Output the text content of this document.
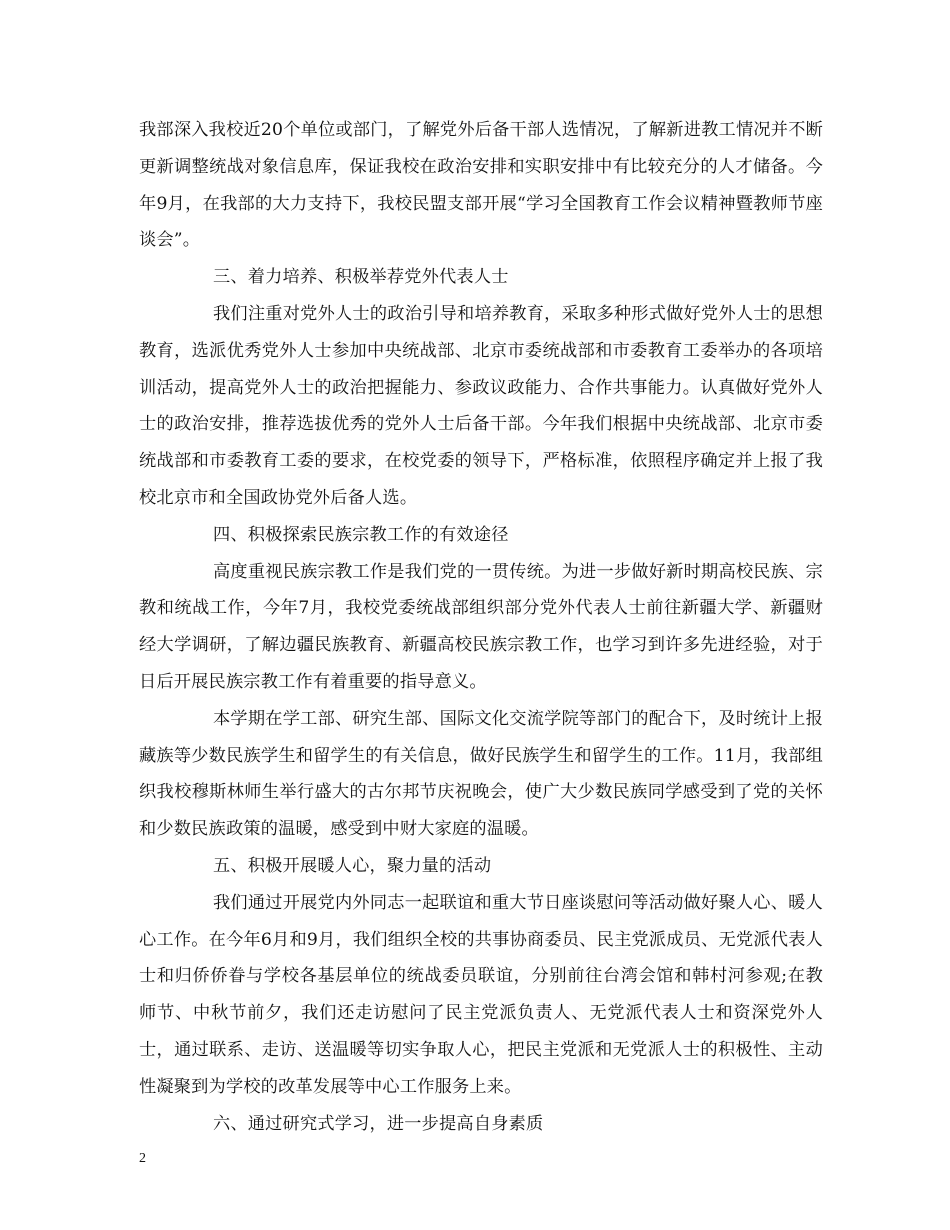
我部深入我校近20个单位或部门，了解党外后备干部人选情况，了解新进教工情况并不断更新调整统战对象信息库，保证我校在政治安排和实职安排中有比较充分的人才储备。今年9月，在我部的大力支持下，我校民盟支部开展“学习全国教育工作会议精神暨教师节座谈会”。

三、着力培养、积极举荐党外代表人士

我们注重对党外人士的政治引导和培养教育，采取多种形式做好党外人士的思想教育，选派优秀党外人士参加中央统战部、北京市委统战部和市委教育工委举办的各项培训活动，提高党外人士的政治把握能力、参政议政能力、合作共事能力。认真做好党外人士的政治安排，推荐选拔优秀的党外人士后备干部。今年我们根据中央统战部、北京市委统战部和市委教育工委的要求，在校党委的领导下，严格标准，依照程序确定并上报了我校北京市和全国政协党外后备人选。

四、积极探索民族宗教工作的有效途径

高度重视民族宗教工作是我们党的一贯传统。为进一步做好新时期高校民族、宗教和统战工作，今年7月，我校党委统战部组织部分党外代表人士前往新疆大学、新疆财经大学调研，了解边疆民族教育、新疆高校民族宗教工作，也学习到许多先进经验，对于日后开展民族宗教工作有着重要的指导意义。

本学期在学工部、研究生部、国际文化交流学院等部门的配合下，及时统计上报藏族等少数民族学生和留学生的有关信息，做好民族学生和留学生的工作。11月，我部组织我校穆斯林师生举行盛大的古尔邦节庆祝晚会，使广大少数民族同学感受到了党的关怀和少数民族政策的温暖，感受到中财大家庭的温暖。

五、积极开展暖人心，聚力量的活动

我们通过开展党内外同志一起联谊和重大节日座谈慰问等活动做好聚人心、暖人心工作。在今年6月和9月，我们组织全校的共事协商委员、民主党派成员、无党派代表人士和归侨侨眷与学校各基层单位的统战委员联谊，分别前往台湾会馆和韩村河参观;在教师节、中秋节前夕，我们还走访慰问了民主党派负责人、无党派代表人士和资深党外人士，通过联系、走访、送温暖等切实争取人心，把民主党派和无党派人士的积极性、主动性凝聚到为学校的改革发展等中心工作服务上来。

六、通过研究式学习，进一步提高自身素质

2
